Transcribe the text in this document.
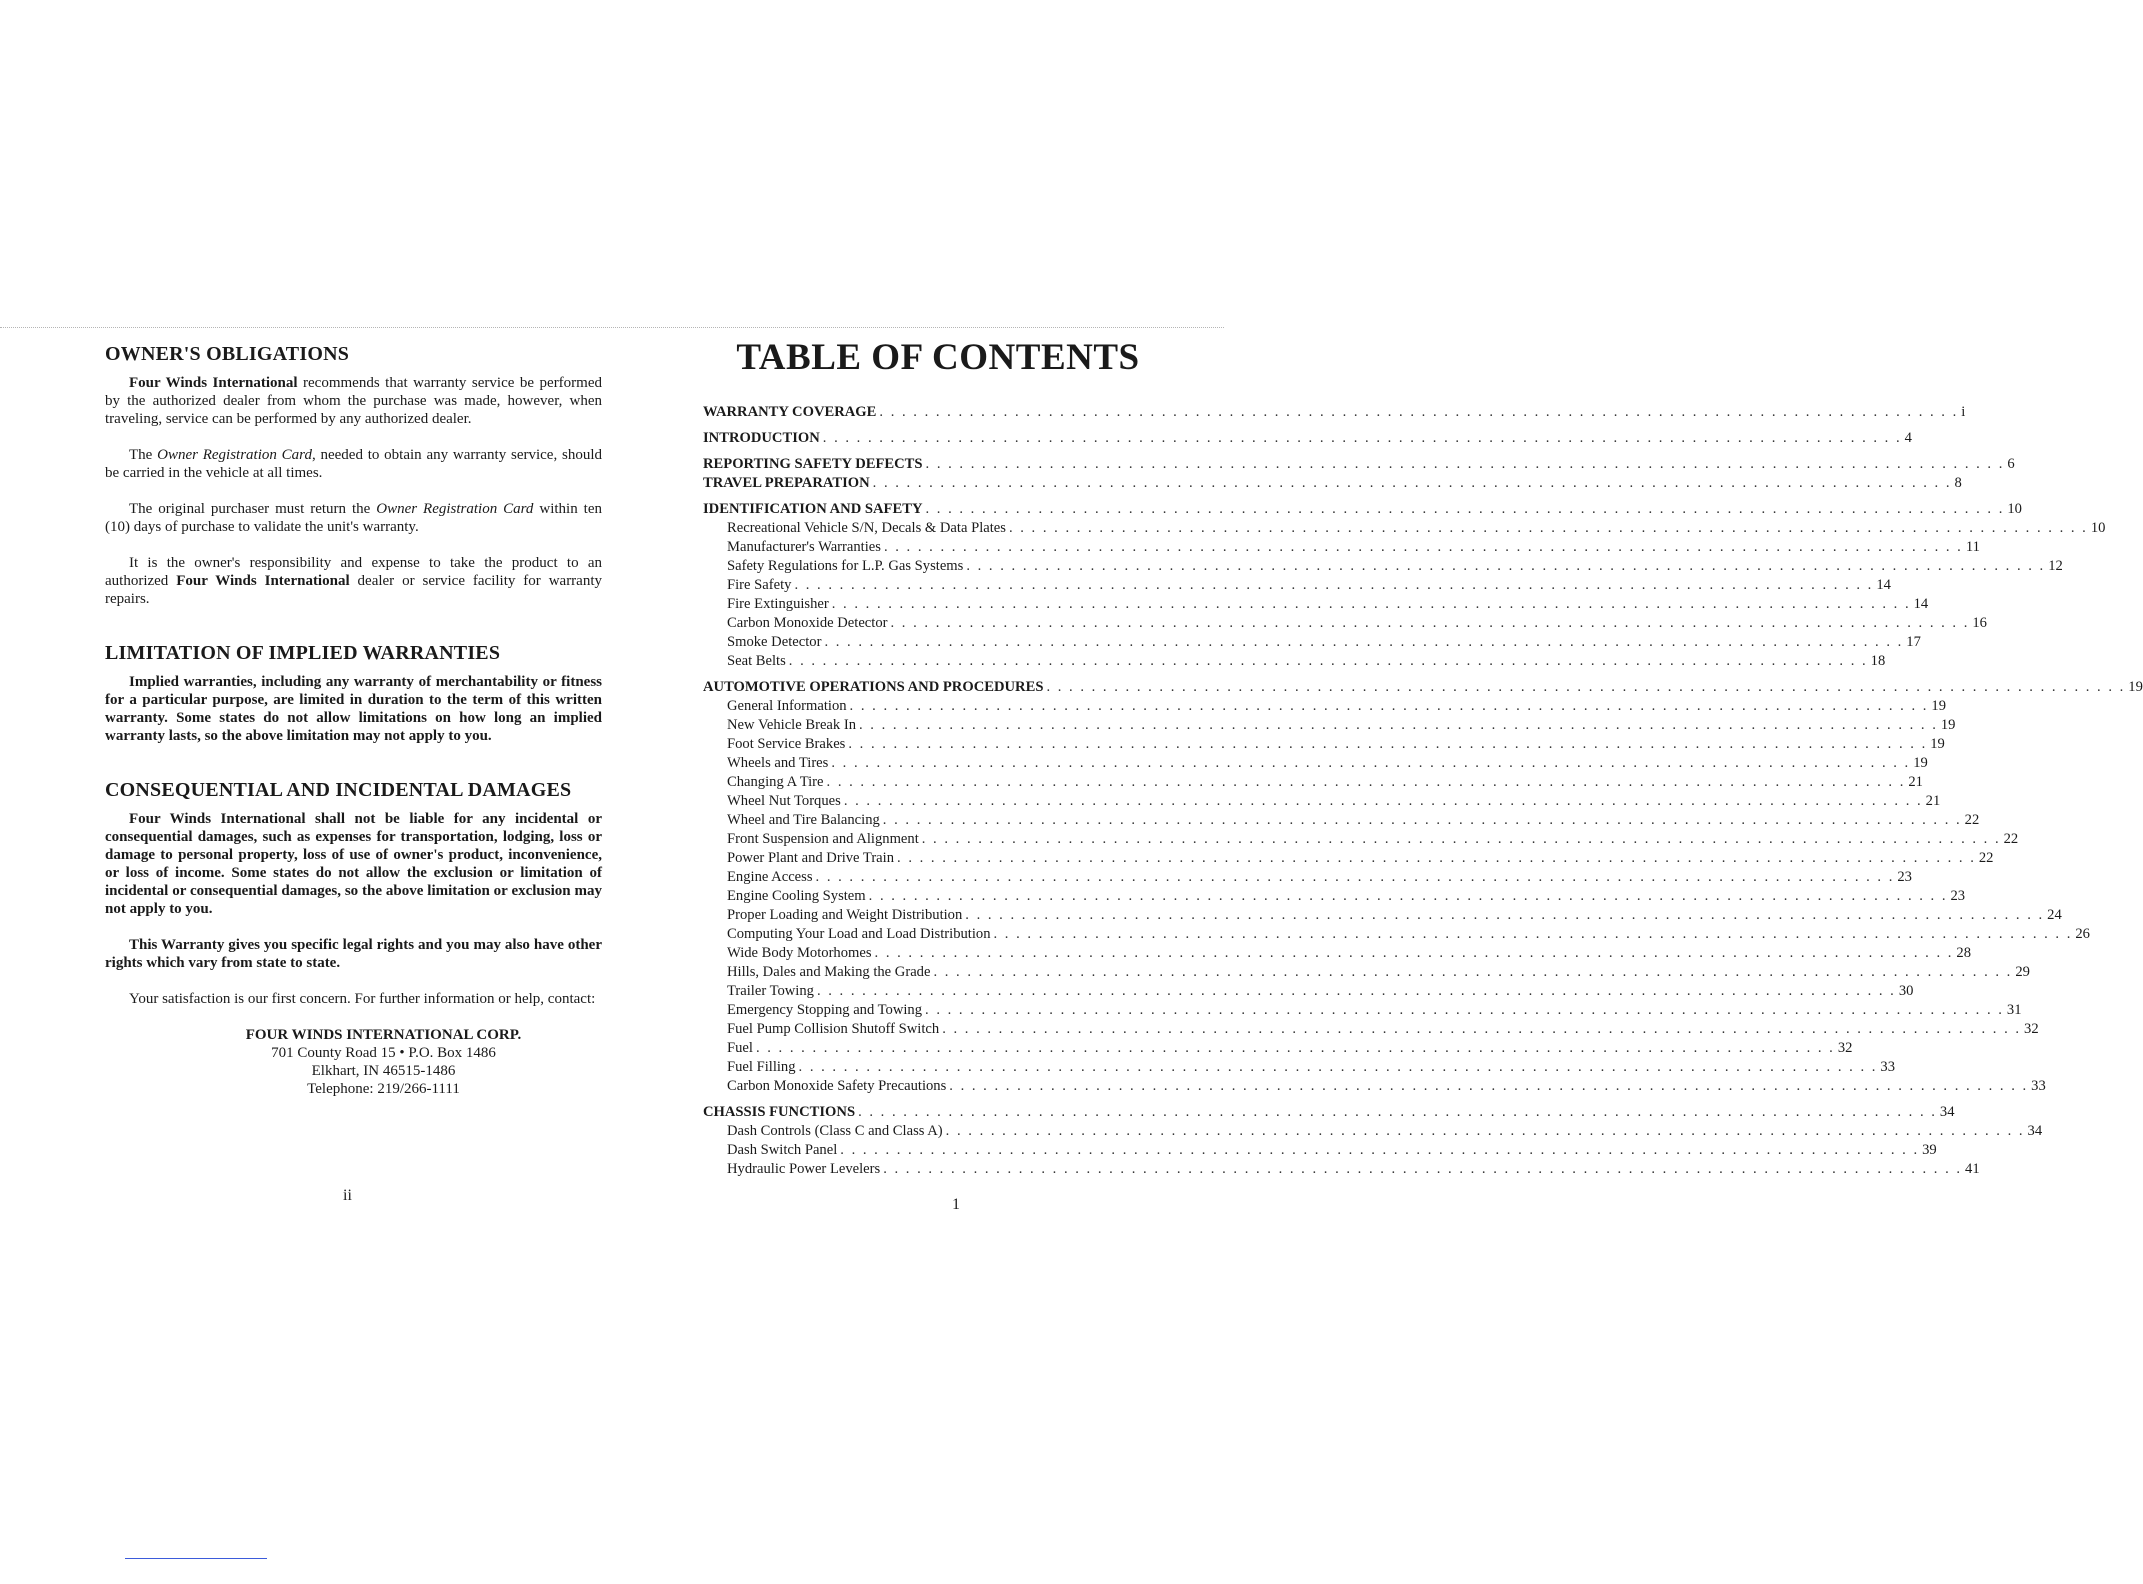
OWNER'S OBLIGATIONS

Four Winds International recommends that warranty service be performed by the authorized dealer from whom the purchase was made, however, when traveling, service can be performed by any authorized dealer.

The Owner Registration Card, needed to obtain any warranty service, should be carried in the vehicle at all times.

The original purchaser must return the Owner Registration Card within ten (10) days of purchase to validate the unit's warranty.

It is the owner's responsibility and expense to take the product to an authorized Four Winds International dealer or service facility for warranty repairs.

LIMITATION OF IMPLIED WARRANTIES

Implied warranties, including any warranty of merchantability or fitness for a particular purpose, are limited in duration to the term of this written warranty. Some states do not allow limitations on how long an implied warranty lasts, so the above limitation may not apply to you.

CONSEQUENTIAL AND INCIDENTAL DAMAGES

Four Winds International shall not be liable for any incidental or consequential damages, such as expenses for transportation, lodging, loss or damage to personal property, loss of use of owner's product, inconvenience, or loss of income. Some states do not allow the exclusion or limitation of incidental or consequential damages, so the above limitation or exclusion may not apply to you.

This Warranty gives you specific legal rights and you may also have other rights which vary from state to state.

Your satisfaction is our first concern. For further information or help, contact:

FOUR WINDS INTERNATIONAL CORP.
701 County Road 15 • P.O. Box 1486
Elkhart, IN 46515-1486
Telephone: 219/266-1111
ii
TABLE OF CONTENTS
WARRANTY COVERAGE . . .	i
INTRODUCTION . . .	4
REPORTING SAFETY DEFECTS . . .	6
TRAVEL PREPARATION . . .	8
IDENTIFICATION AND SAFETY . . .	10
Recreational Vehicle S/N, Decals & Data Plates . . .	10
Manufacturer's Warranties . . .	11
Safety Regulations for L.P. Gas Systems . . .	12
Fire Safety . . .	14
Fire Extinguisher . . .	14
Carbon Monoxide Detector . . .	16
Smoke Detector . . .	17
Seat Belts . . .	18
AUTOMOTIVE OPERATIONS AND PROCEDURES . . .	19
General Information . . .	19
New Vehicle Break In . . .	19
Foot Service Brakes . . .	19
Wheels and Tires . . .	19
Changing A Tire . . .	21
Wheel Nut Torques . . .	21
Wheel and Tire Balancing . . .	22
Front Suspension and Alignment . . .	22
Power Plant and Drive Train . . .	22
Engine Access . . .	23
Engine Cooling System . . .	23
Proper Loading and Weight Distribution . . .	24
Computing Your Load and Load Distribution . . .	26
Wide Body Motorhomes . . .	28
Hills, Dales and Making the Grade . . .	29
Trailer Towing . . .	30
Emergency Stopping and Towing . . .	31
Fuel Pump Collision Shutoff Switch . . .	32
Fuel . . .	32
Fuel Filling . . .	33
Carbon Monoxide Safety Precautions . . .	33
CHASSIS FUNCTIONS . . .	34
Dash Controls (Class C and Class A) . . .	34
Dash Switch Panel . . .	39
Hydraulic Power Levelers . . .	41
1
